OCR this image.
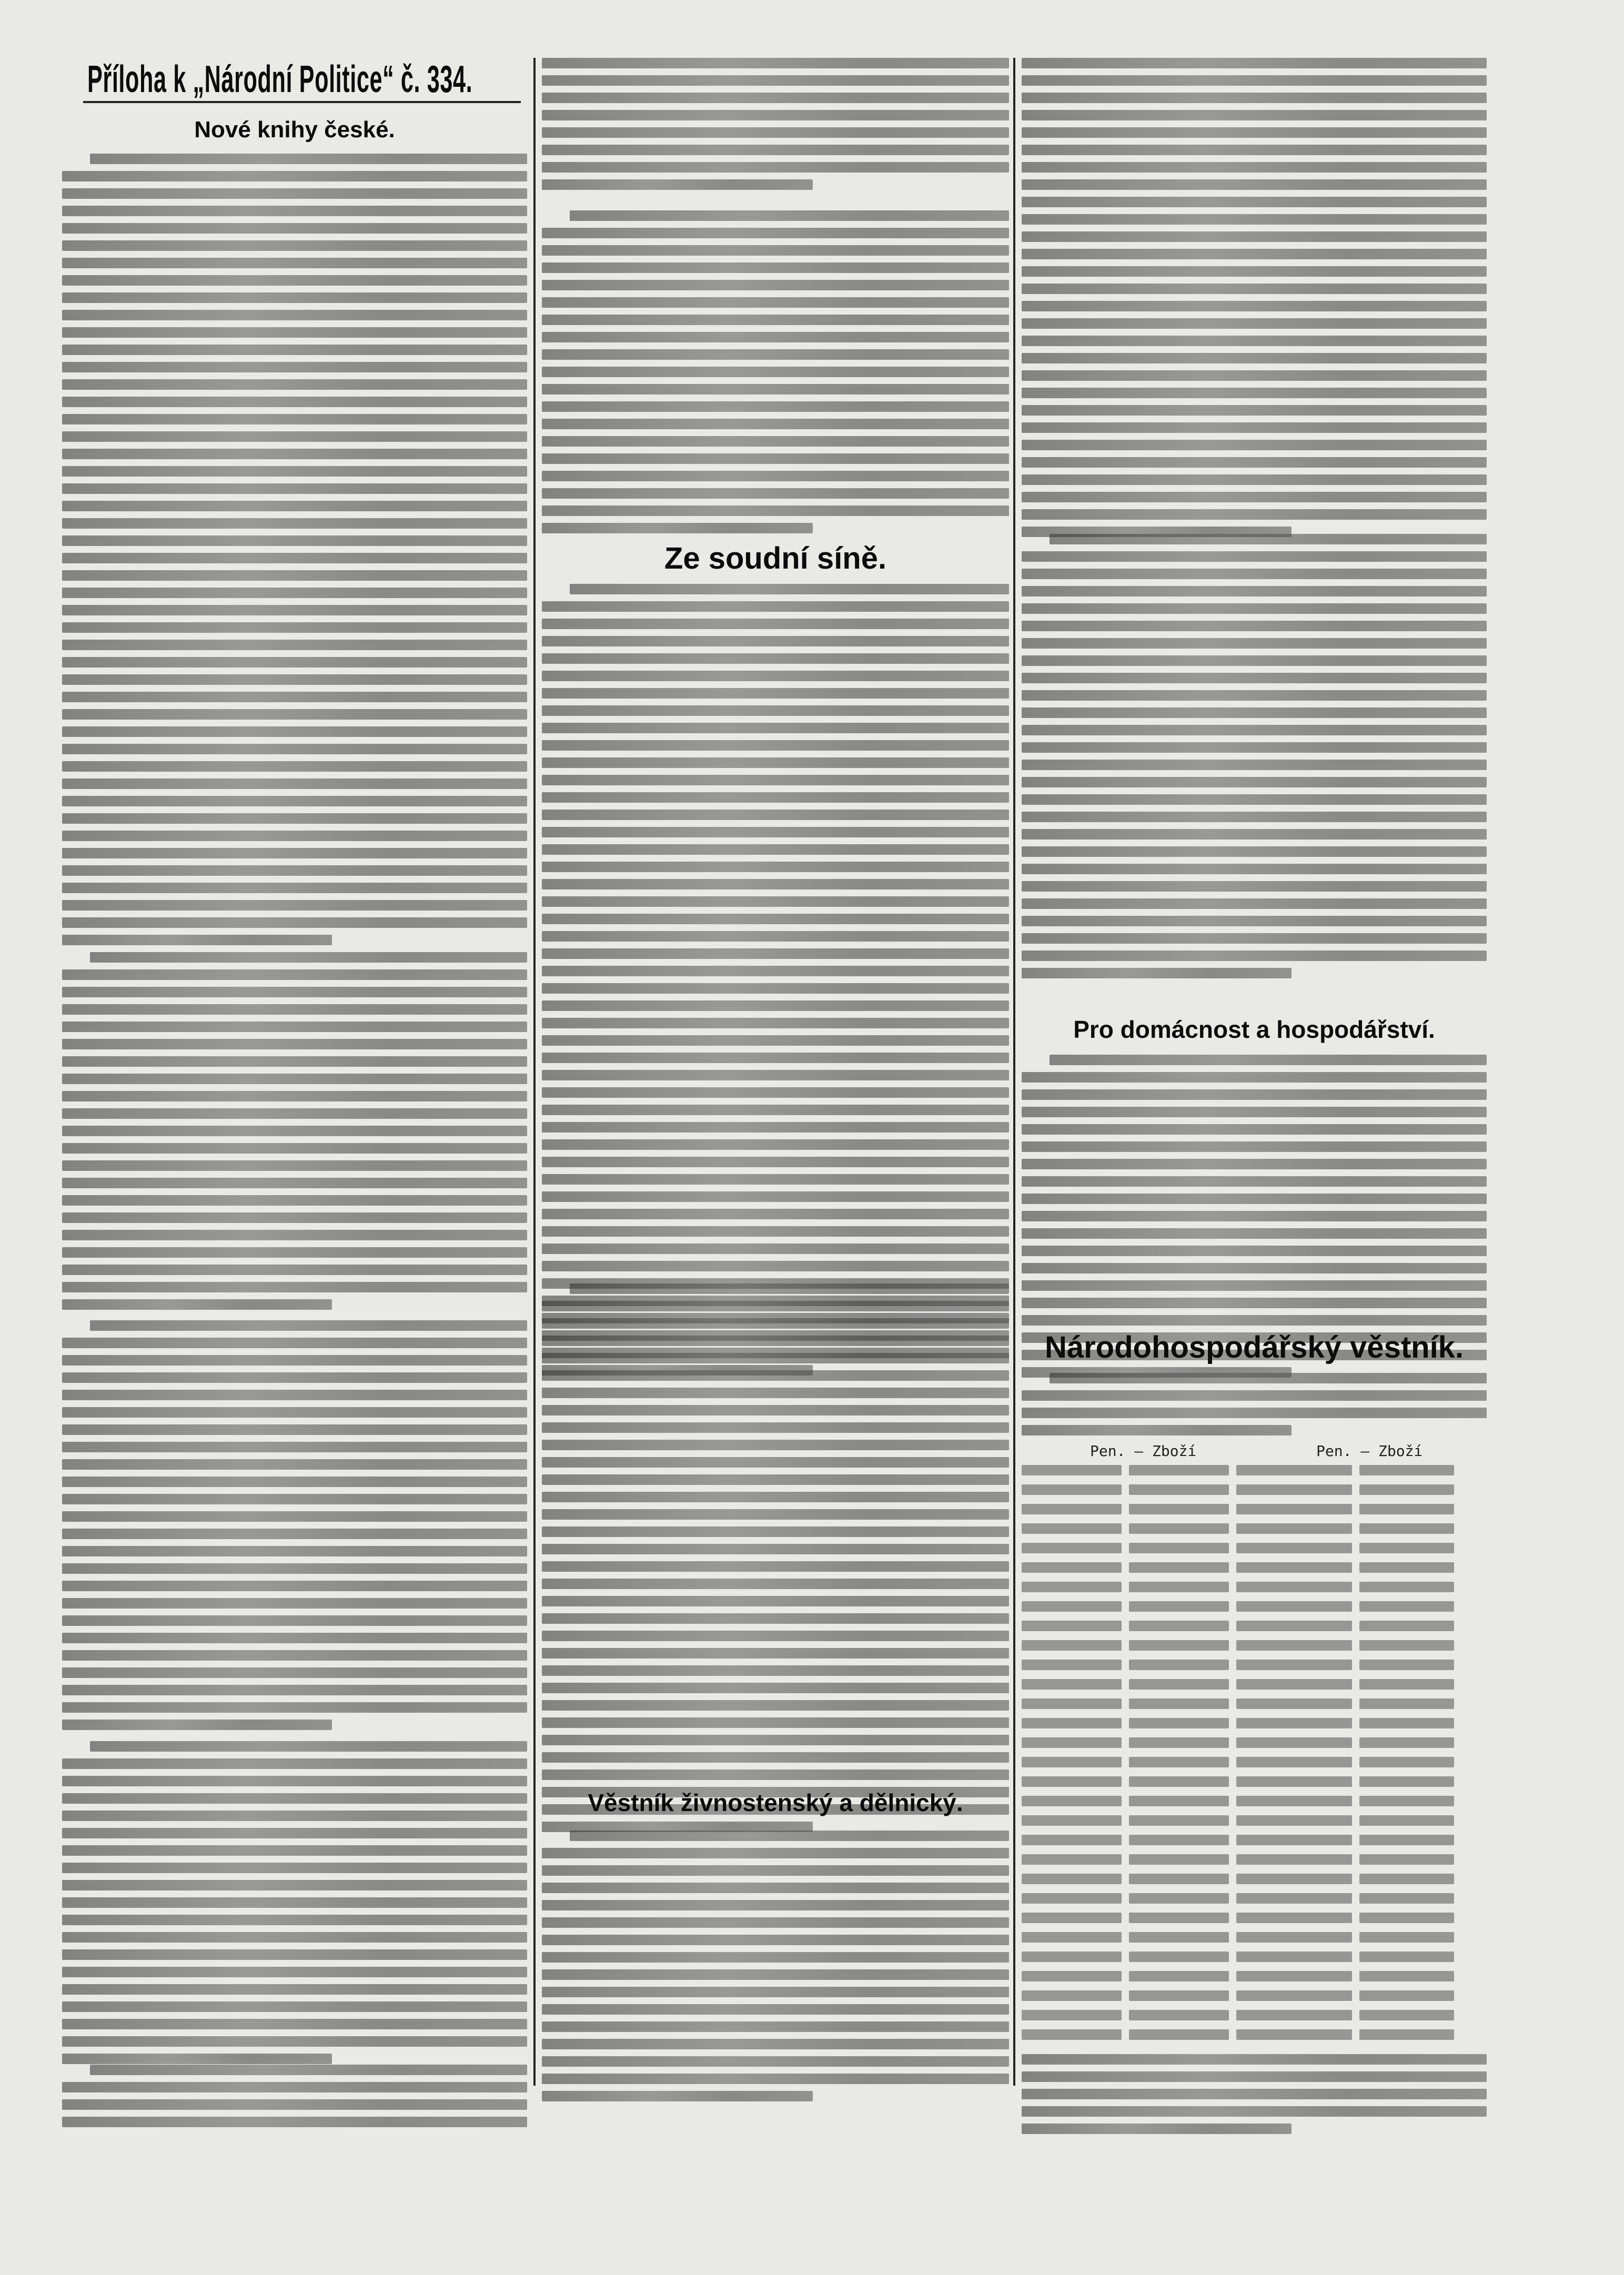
Příloha k „Národní Politice“ č. 334.
Nové knihy české.
Ze soudní síně.
Věstník živnostenský a dělnický.
Pro domácnost a hospodářství.
Národohospodářský věstník.
Pen. — Zboží	Pen. — Zboží
